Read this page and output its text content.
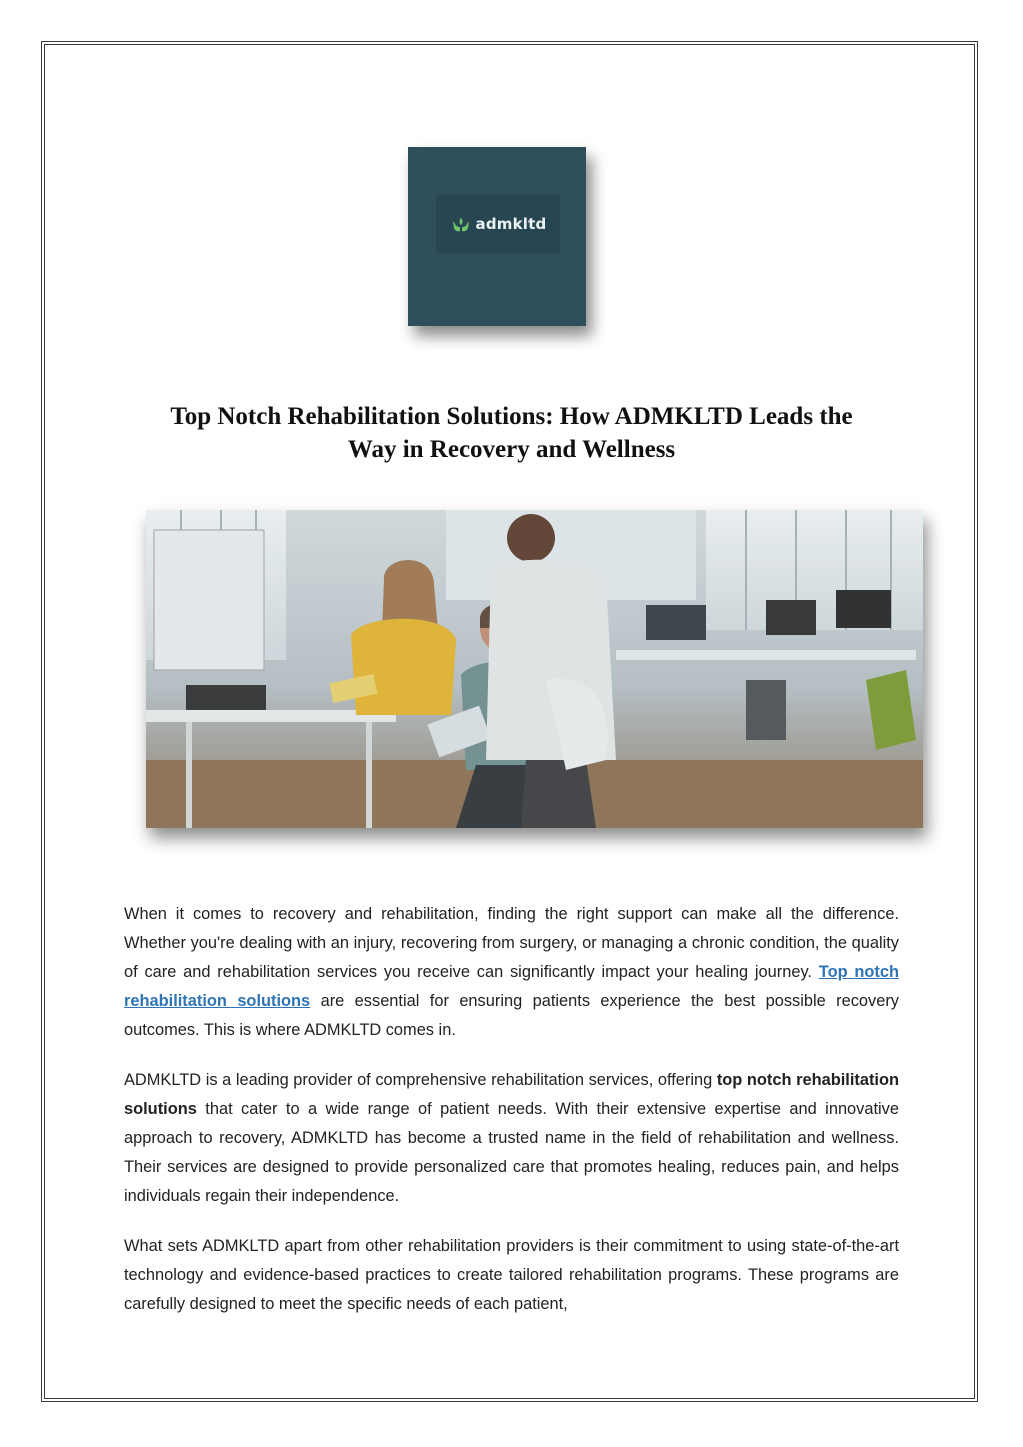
admkltd
Top Notch Rehabilitation Solutions: How ADMKLTD Leads the
Way in Recovery and Wellness

When it comes to recovery and rehabilitation, finding the right support can make all the difference. Whether you're dealing with an injury, recovering from surgery, or managing a chronic condition, the quality of care and rehabilitation services you receive can significantly impact your healing journey. Top notch rehabilitation solutions are essential for ensuring patients experience the best possible recovery outcomes. This is where ADMKLTD comes in.

ADMKLTD is a leading provider of comprehensive rehabilitation services, offering top notch rehabilitation solutions that cater to a wide range of patient needs. With their extensive expertise and innovative approach to recovery, ADMKLTD has become a trusted name in the field of rehabilitation and wellness. Their services are designed to provide personalized care that promotes healing, reduces pain, and helps individuals regain their independence.

What sets ADMKLTD apart from other rehabilitation providers is their commitment to using state-of-the-art technology and evidence-based practices to create tailored rehabilitation programs. These programs are carefully designed to meet the specific needs of each patient,
